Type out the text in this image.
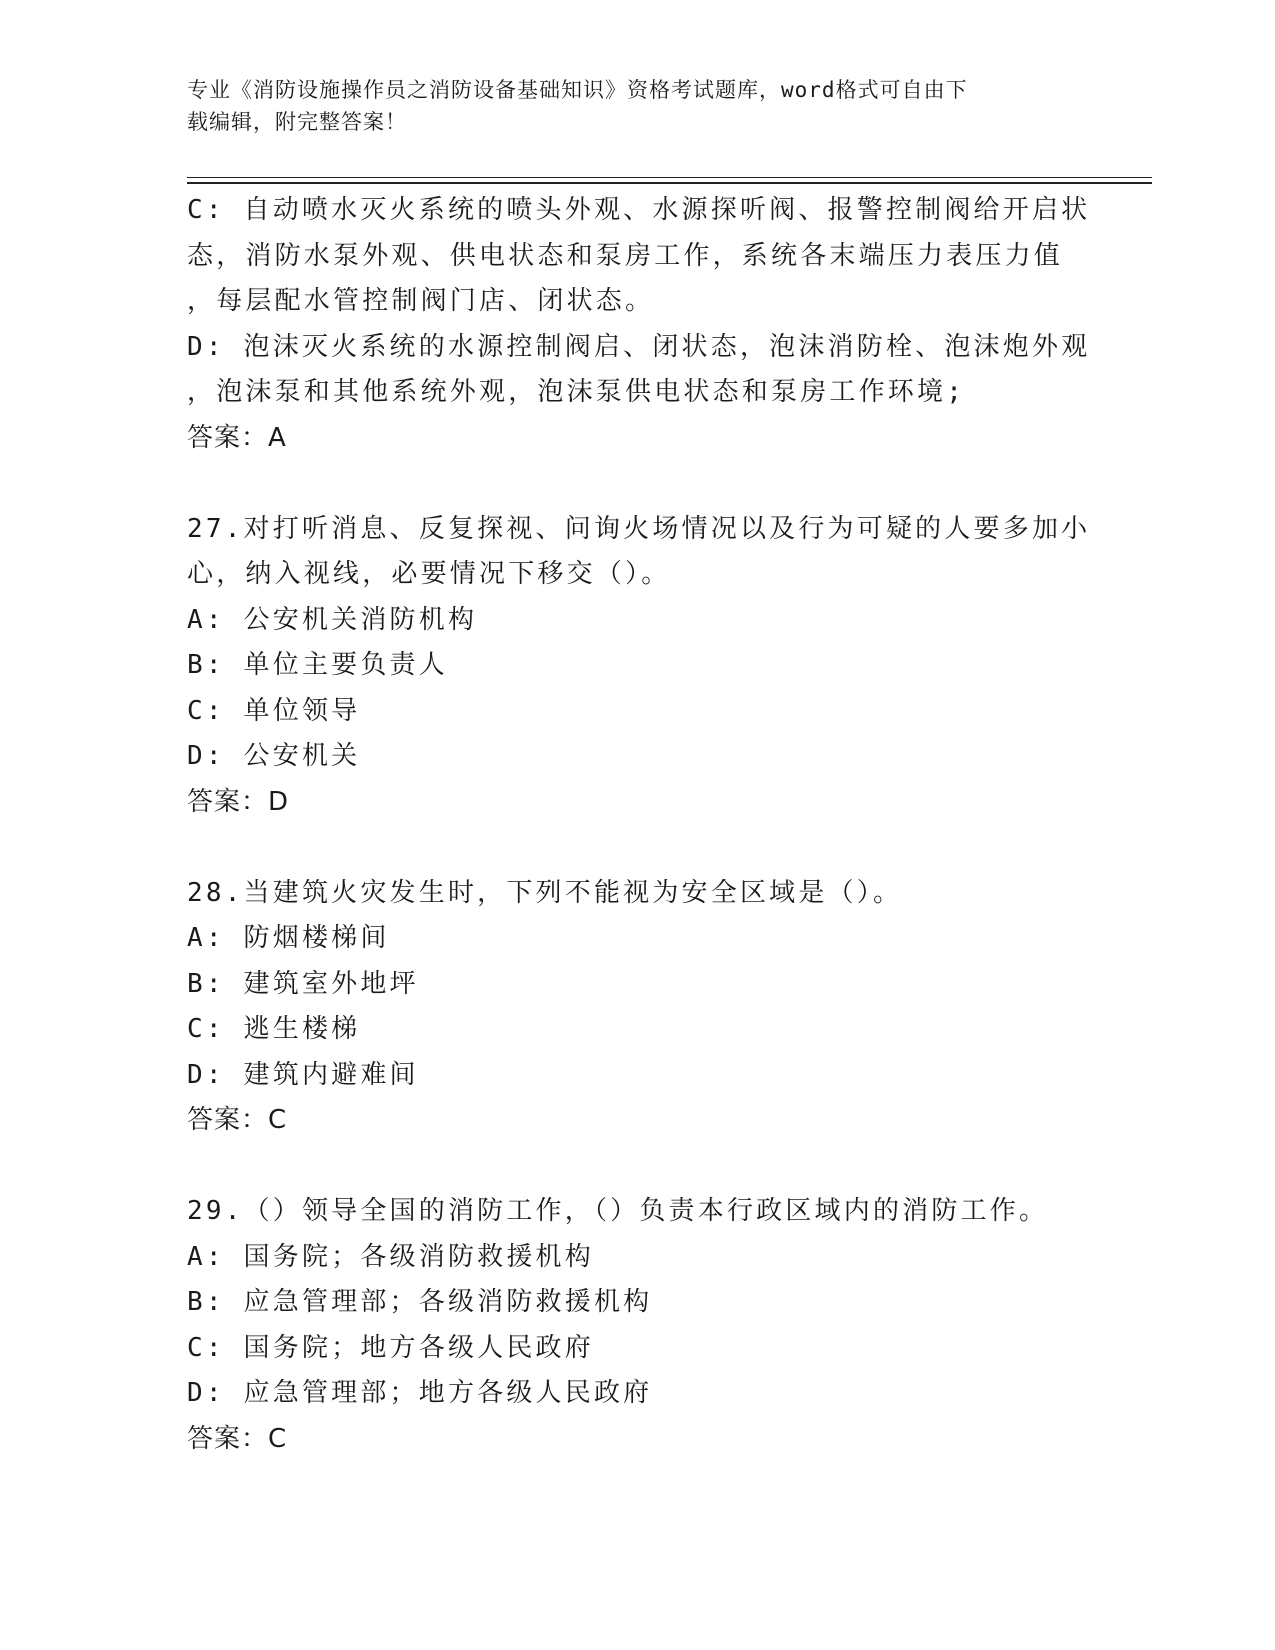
专业《消防设施操作员之消防设备基础知识》资格考试题库，word格式可自由下
载编辑，附完整答案！
C: 自动喷水灭火系统的喷头外观、水源探听阀、报警控制阀给开启状
态，消防水泵外观、供电状态和泵房工作，系统各末端压力表压力值
，每层配水管控制阀门店、闭状态。
D: 泡沫灭火系统的水源控制阀启、闭状态，泡沫消防栓、泡沫炮外观
，泡沫泵和其他系统外观，泡沫泵供电状态和泵房工作环境;
答案：A
27.对打听消息、反复探视、问询火场情况以及行为可疑的人要多加小
心，纳入视线，必要情况下移交（）。
A: 公安机关消防机构
B: 单位主要负责人
C: 单位领导
D: 公安机关
答案：D
28.当建筑火灾发生时，下列不能视为安全区域是（）。
A: 防烟楼梯间
B: 建筑室外地坪
C: 逃生楼梯
D: 建筑内避难间
答案：C
29.（）领导全国的消防工作，（）负责本行政区域内的消防工作。
A: 国务院；各级消防救援机构
B: 应急管理部；各级消防救援机构
C: 国务院；地方各级人民政府
D: 应急管理部；地方各级人民政府
答案：C
